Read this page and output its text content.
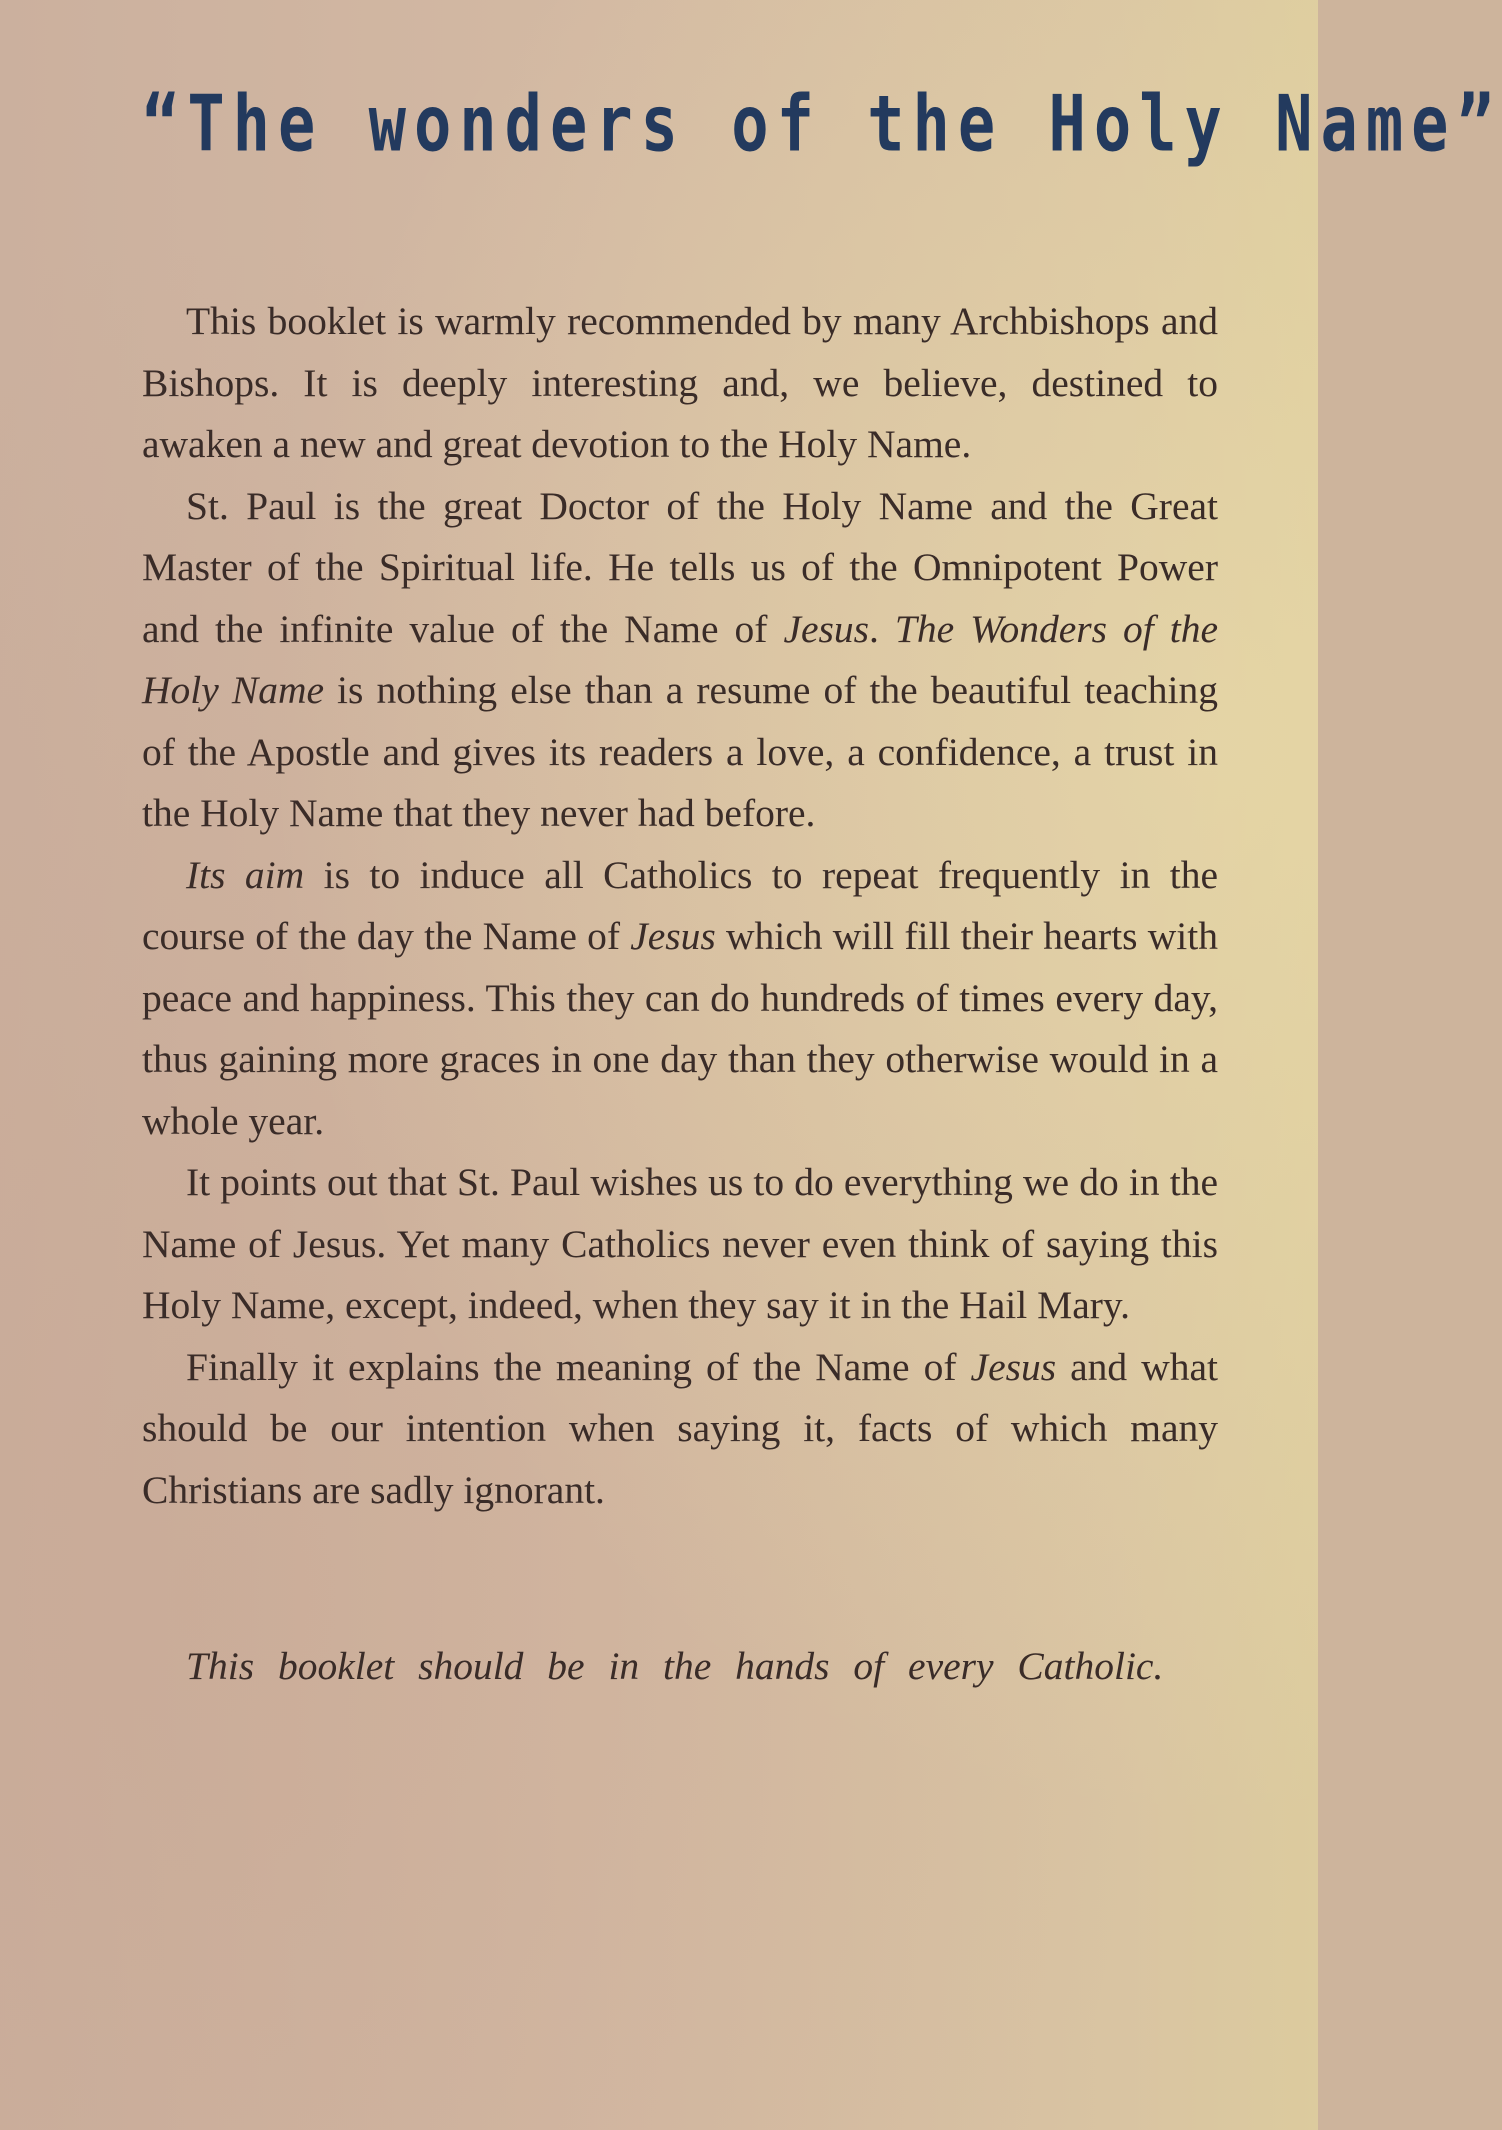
“The wonders of the Holy Name”

This booklet is warmly recommended by many Archbishops and Bishops. It is deeply interesting and, we believe, destined to awaken a new and great devotion to the Holy Name.

St. Paul is the great Doctor of the Holy Name and the Great Master of the Spiritual life. He tells us of the Omnipotent Power and the infinite value of the Name of Jesus. The Wonders of the Holy Name is nothing else than a resume of the beautiful teaching of the Apostle and gives its readers a love, a confidence, a trust in the Holy Name that they never had before.

Its aim is to induce all Catholics to repeat frequently in the course of the day the Name of Jesus which will fill their hearts with peace and happiness. This they can do hundreds of times every day, thus gaining more graces in one day than they otherwise would in a whole year.

It points out that St. Paul wishes us to do everything we do in the Name of Jesus. Yet many Catholics never even think of saying this Holy Name, except, indeed, when they say it in the Hail Mary.

Finally it explains the meaning of the Name of Jesus and what should be our intention when saying it, facts of which many Christians are sadly ignorant.

This booklet should be in the hands of every Catholic.
